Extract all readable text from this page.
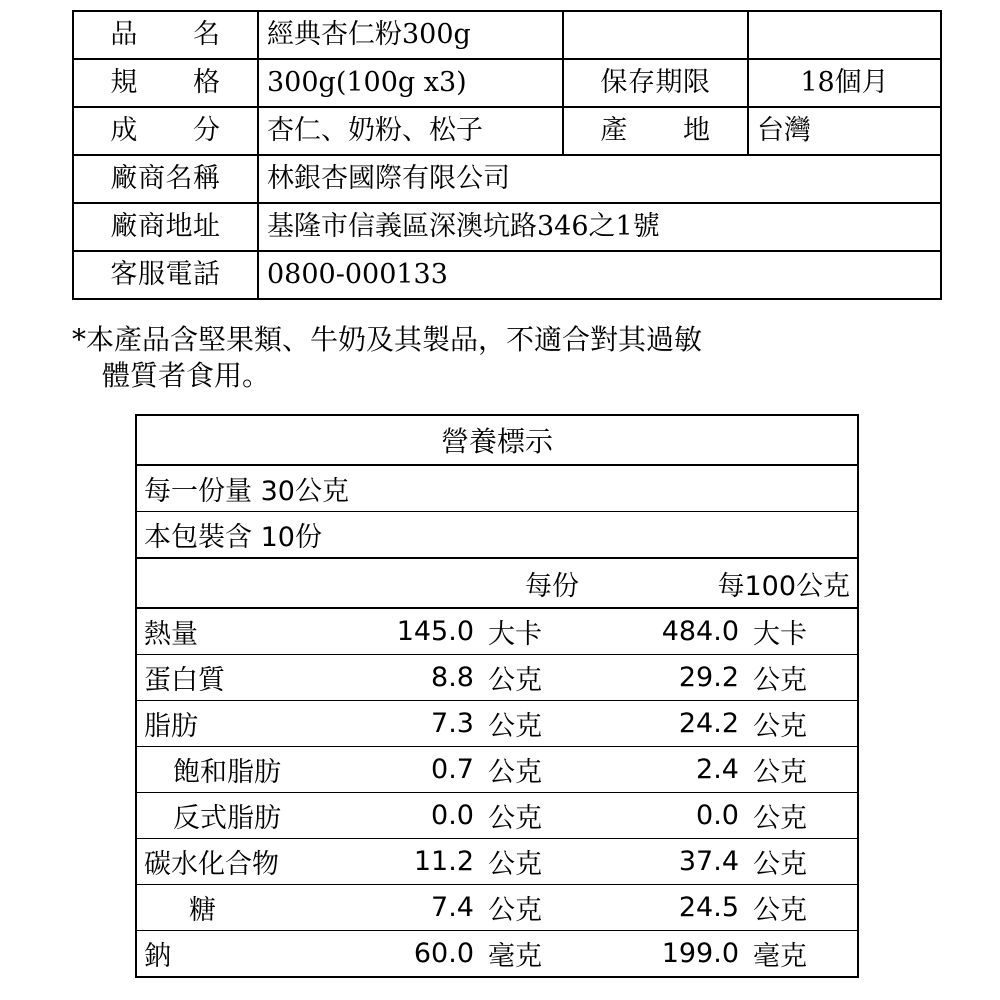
品　　名	經典杏仁粉300g		
規　　格	300g(100g x3)	保存期限	18個月
成　　分	杏仁、奶粉、松子	產　　地	台灣
廠商名稱	林銀杏國際有限公司		
廠商地址	基隆市信義區深澳坑路346之1號		
客服電話	0800-000133		
*本產品含堅果類、牛奶及其製品，不適合對其過敏
體質者食用。
營養標示				
每一份量 30公克				
本包裝含 10份				
	每份		每100公克	
熱量	145.0	大卡	484.0	大卡
蛋白質	8.8	公克	29.2	公克
脂肪	7.3	公克	24.2	公克
飽和脂肪	0.7	公克	2.4	公克
反式脂肪	0.0	公克	0.0	公克
碳水化合物	11.2	公克	37.4	公克
糖	7.4	公克	24.5	公克
鈉	60.0	毫克	199.0	毫克
